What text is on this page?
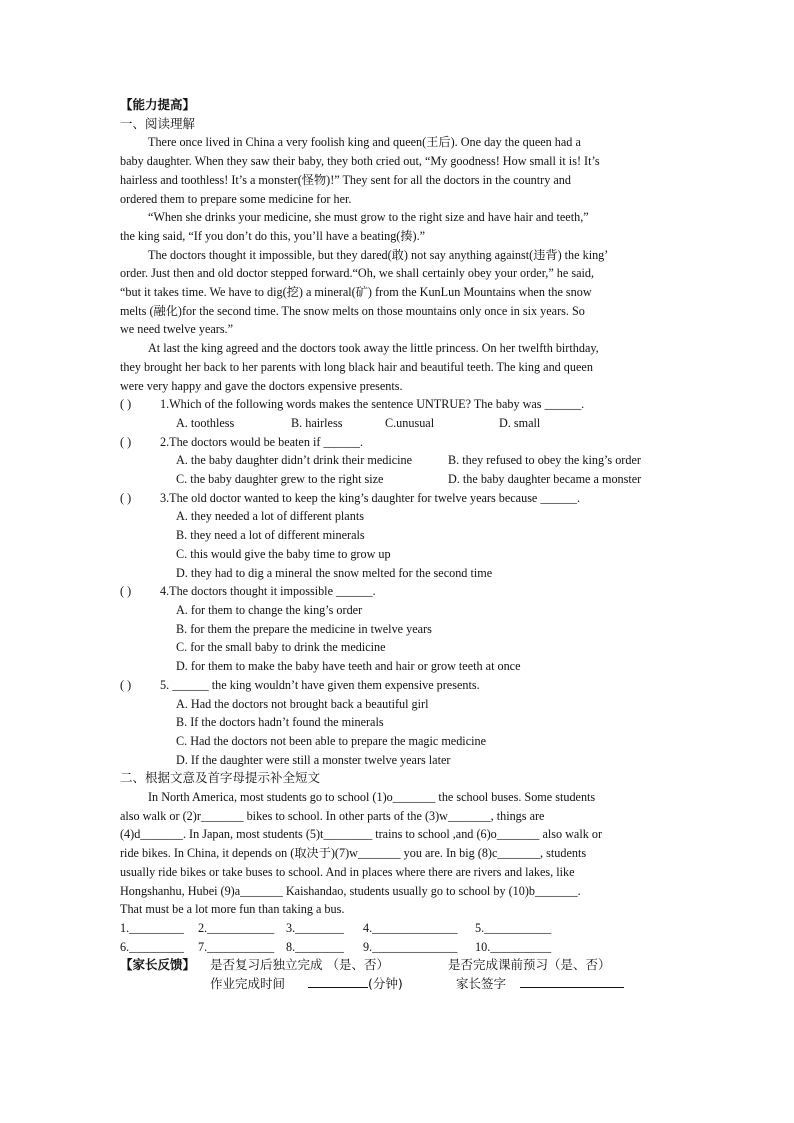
【能力提高】
一、阅读理解
There once lived in China a very foolish king and queen(王后). One day the queen had a
baby daughter. When they saw their baby, they both cried out, “My goodness! How small it is! It’s
hairless and toothless! It’s a monster(怪物)!” They sent for all the doctors in the country and
ordered them to prepare some medicine for her.
“When she drinks your medicine, she must grow to the right size and have hair and teeth,”
the king said, “If you don’t do this, you’ll have a beating(揍).”
The doctors thought it impossible, but they dared(敢) not say anything against(违背) the king’
order. Just then and old doctor stepped forward.“Oh, we shall certainly obey your order,” he said,
“but it takes time. We have to dig(挖) a mineral(矿) from the KunLun Mountains when the snow
melts (融化)for the second time. The snow melts on those mountains only once in six years. So
we need twelve years.”
At last the king agreed and the doctors took away the little princess. On her twelfth birthday,
they brought her back to her parents with long black hair and beautiful teeth. The king and queen
were very happy and gave the doctors expensive presents.
( )	1.Which of the following words makes the sentence UNTRUE? The baby was ______.
A. toothless	B. hairless	C.unusual	D. small
( )	2.The doctors would be beaten if ______.
A. the baby daughter didn’t drink their medicine	B. they refused to obey the king’s order
C. the baby daughter grew to the right size	D. the baby daughter became a monster
( )	3.The old doctor wanted to keep the king’s daughter for twelve years because ______.
A. they needed a lot of different plants
B. they need a lot of different minerals
C. this would give the baby time to grow up
D. they had to dig a mineral the snow melted for the second time
( )	4.The doctors thought it impossible ______.
A. for them to change the king’s order
B. for them the prepare the medicine in twelve years
C. for the small baby to drink the medicine
D. for them to make the baby have teeth and hair or grow teeth at once
( )	5. ______ the king wouldn’t have given them expensive presents.
A. Had the doctors not brought back a beautiful girl
B. If the doctors hadn’t found the minerals
C. Had the doctors not been able to prepare the magic medicine
D. If the daughter were still a monster twelve years later
二、根据文意及首字母提示补全短文
In North America, most students go to school (1)o_______ the school buses. Some students
also walk or (2)r_______ bikes to school. In other parts of the (3)w_______, things are
(4)d_______. In Japan, most students (5)t________ trains to school ,and (6)o_______ also walk or
ride bikes. In China, it depends on (取决于)(7)w_______ you are. In big (8)c_______, students
usually ride bikes or take buses to school. And in places where there are rivers and lakes, like
Hongshanhu, Hubei (9)a_______ Kaishandao, students usually go to school by (10)b_______.
That must be a lot more fun than taking a bus.
1._________	2.___________ 3.________	4.______________	5.___________
6._________	7.___________ 8.________	9.______________	10.__________
【家长反馈】	是否复习后独立完成 （是、否）	是否完成课前预习（是、否）
作业完成时间	(分钟)	家长签字
